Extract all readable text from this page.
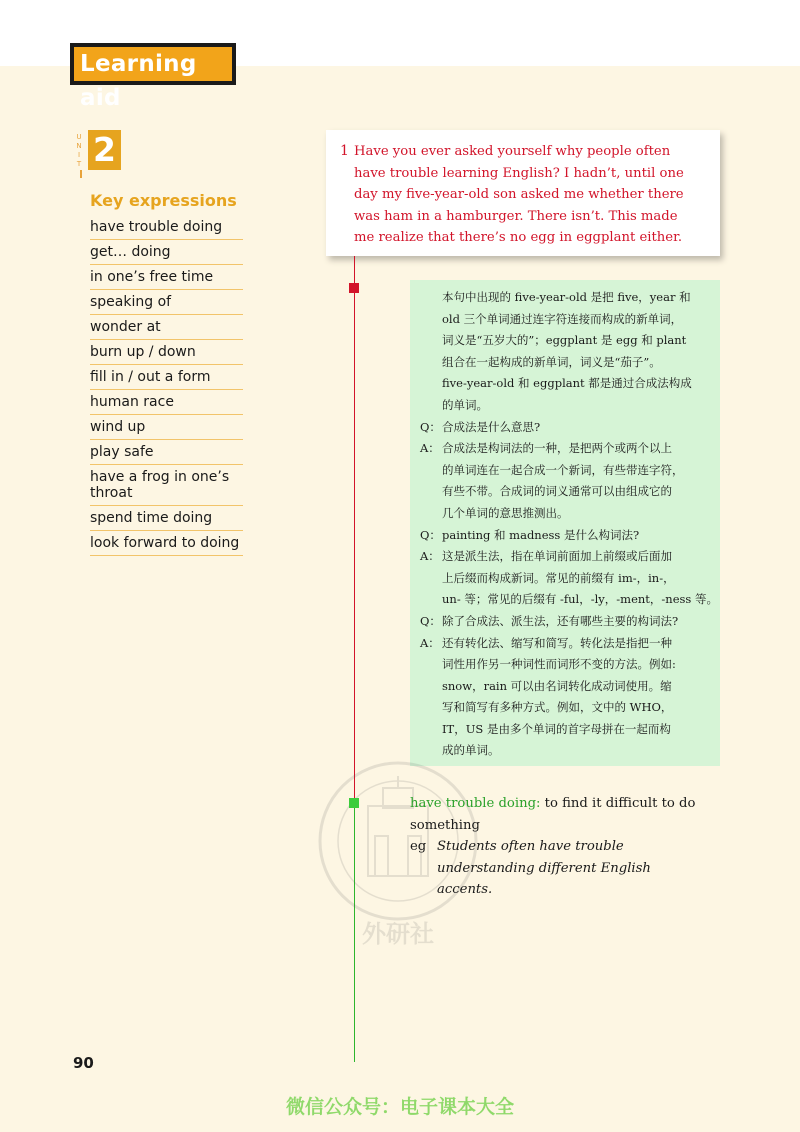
Learning aid
U
N
I
T 2
Key expressions
have trouble doing
get… doing
in one’s free time
speaking of
wonder at
burn up / down
fill in / out a form
human race
wind up
play safe
have a frog in one’s throat
spend time doing
look forward to doing
1 Have you ever asked yourself why people often have trouble learning English? I hadn’t, until one day my five-year-old son asked me whether there was ham in a hamburger. There isn’t. This made me realize that there’s no egg in eggplant either.
本句中出现的 five-year-old 是把 five，year 和
old 三个单词通过连字符连接而构成的新单词，
词义是“五岁大的”；eggplant 是 egg 和 plant
组合在一起构成的新单词，词义是“茄子”。
five-year-old 和 eggplant 都是通过合成法构成
的单词。
Q：合成法是什么意思?
A： 合成法是构词法的一种，是把两个或两个以上
的单词连在一起合成一个新词，有些带连字符，
有些不带。合成词的词义通常可以由组成它的
几个单词的意思推测出。
Q：painting 和 madness 是什么构词法?
A： 这是派生法，指在单词前面加上前缀或后面加
上后缀而构成新词。常见的前缀有 im-，in-，
un- 等；常见的后缀有 -ful，-ly，-ment，-ness 等。
Q：除了合成法、派生法，还有哪些主要的构词法?
A： 还有转化法、缩写和简写。转化法是指把一种
词性用作另一种词性而词形不变的方法。例如:
snow，rain 可以由名词转化成动词使用。缩
写和简写有多种方式。例如，文中的 WHO，
IT，US 是由多个单词的首字母拼在一起而构
成的单词。
外研社
have trouble doing: to find it difficult to do something
eg Students often have trouble understanding different English accents.
90
微信公众号：电子课本大全
